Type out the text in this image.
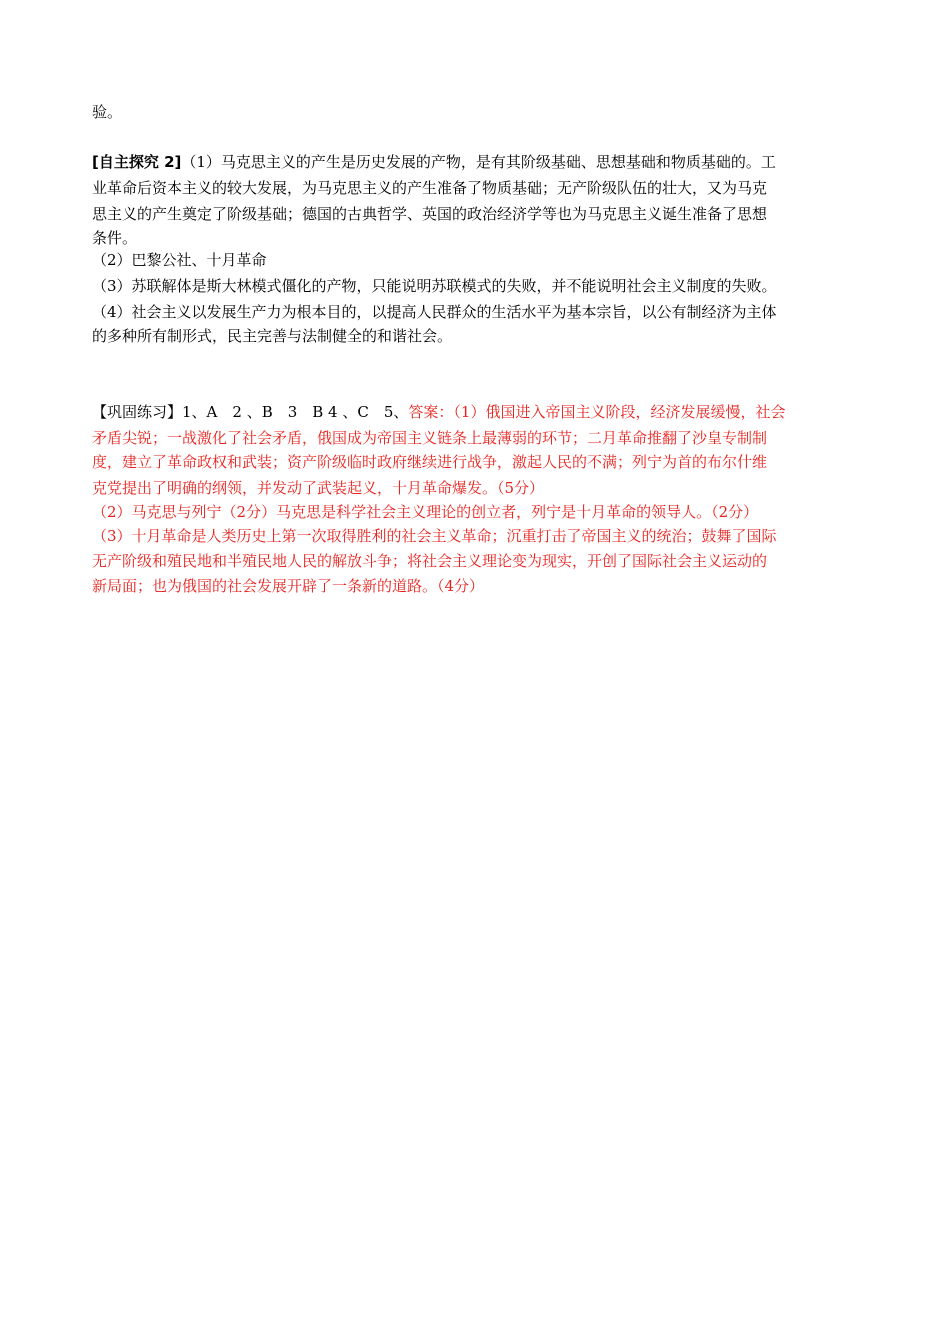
验。
[自主探究 2]（1）马克思主义的产生是历史发展的产物，是有其阶级基础、思想基础和物质基础的。工
业革命后资本主义的较大发展，为马克思主义的产生准备了物质基础；无产阶级队伍的壮大，又为马克
思主义的产生奠定了阶级基础；德国的古典哲学、英国的政治经济学等也为马克思主义诞生准备了思想
条件。
（2）巴黎公社、十月革命
（3）苏联解体是斯大林模式僵化的产物，只能说明苏联模式的失败，并不能说明社会主义制度的失败。
（4）社会主义以发展生产力为根本目的，以提高人民群众的生活水平为基本宗旨，以公有制经济为主体
的多种所有制形式，民主完善与法制健全的和谐社会。
【巩固练习】1、A　2 、B　3　B 4 、C　5、答案：（1）俄国进入帝国主义阶段，经济发展缓慢，社会
矛盾尖锐；一战激化了社会矛盾，俄国成为帝国主义链条上最薄弱的环节；二月革命推翻了沙皇专制制
度，建立了革命政权和武装；资产阶级临时政府继续进行战争，激起人民的不满；列宁为首的布尔什维
克党提出了明确的纲领，并发动了武装起义，十月革命爆发。（5分）
（2）马克思与列宁（2分）马克思是科学社会主义理论的创立者，列宁是十月革命的领导人。（2分）
（3）十月革命是人类历史上第一次取得胜利的社会主义革命；沉重打击了帝国主义的统治；鼓舞了国际
无产阶级和殖民地和半殖民地人民的解放斗争；将社会主义理论变为现实，开创了国际社会主义运动的
新局面；也为俄国的社会发展开辟了一条新的道路。（4分）
